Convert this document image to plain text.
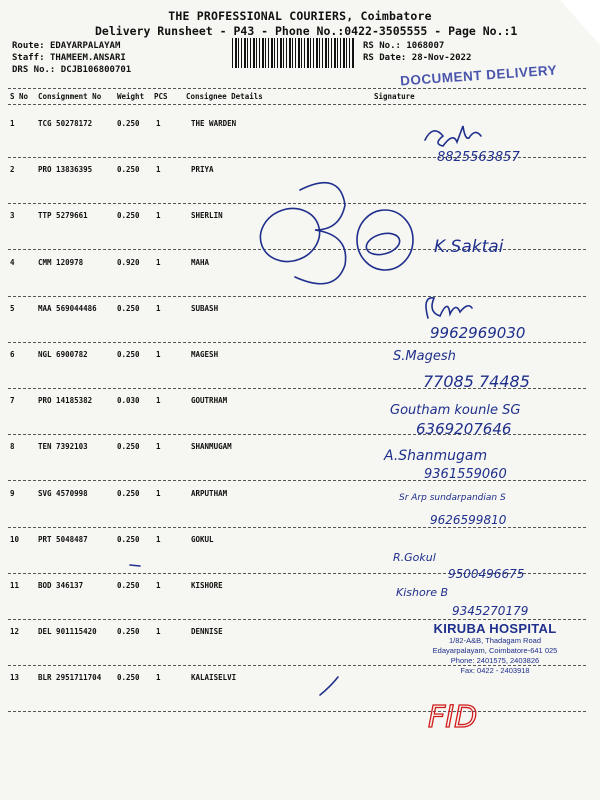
THE PROFESSIONAL COURIERS, Coimbatore
Delivery Runsheet - P43 - Phone No.:0422-3505555 - Page No.:1
Route: EDAYARPALAYAM
Staff: THAMEEM.ANSARI
DRS No.: DCJB106800701
RS No.: 1068007
RS Date: 28-Nov-2022
DOCUMENT DELIVERY
S No Consignment No Weight PCS Consignee Details	Signature
1	TCG 50278172	0.250 1	THE WARDEN
2	PRO 13836395	0.250 1	PRIYA
3	TTP 5279661	0.250 1	SHERLIN
4	CMM 120978	0.920 1	MAHA
5	MAA 569044486	0.250 1	SUBASH
6	NGL 6900782	0.250 1	MAGESH
7	PRO 14185382	0.030 1	GOUTRHAM
8	TEN 7392103	0.250 1	SHANMUGAM
9	SVG 4570998	0.250 1	ARPUTHAM
10	PRT 5048487	0.250 1	GOKUL
11	BOD 346137	0.250 1	KISHORE
12	DEL 901115420	0.250 1	DENNISE
13	BLR 2951711704 0.250 1	KALAISELVI
KIRUBA HOSPITAL
1/82-A&B, Thadagam Road
Edayarpalayam, Coimbatore-641 025
Phone: 2401575, 2403826
Fax: 0422 - 2403918
8825563857
K.Saktai
9962969030
S.Magesh
77085 74485
Goutham kounle SG
6369207646
A.Shanmugam
9361559060
Sr Arp sundarpandian S
9626599810
R.Gokul
9500496675
Kishore B
9345270179
FID
